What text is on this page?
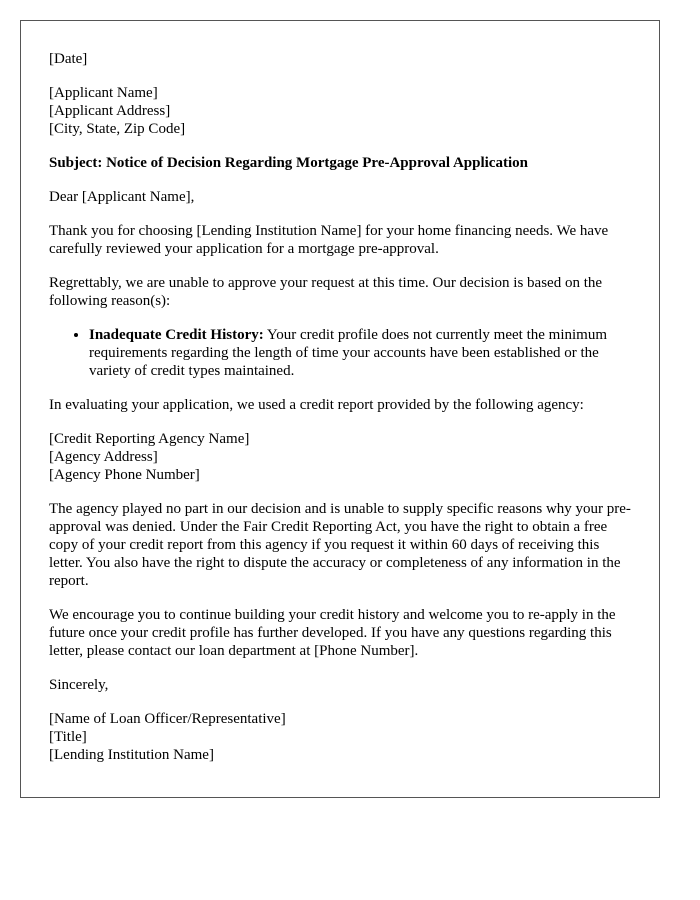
[Date]
[Applicant Name]
[Applicant Address]
[City, State, Zip Code]

Subject: Notice of Decision Regarding Mortgage Pre-Approval Application

Dear [Applicant Name],

Thank you for choosing [Lending Institution Name] for your home financing needs. We have carefully reviewed your application for a mortgage pre-approval.

Regrettably, we are unable to approve your request at this time. Our decision is based on the following reason(s):

• Inadequate Credit History: Your credit profile does not currently meet the minimum requirements regarding the length of time your accounts have been established or the variety of credit types maintained.

In evaluating your application, we used a credit report provided by the following agency:

[Credit Reporting Agency Name]
[Agency Address]
[Agency Phone Number]

The agency played no part in our decision and is unable to supply specific reasons why your pre-approval was denied. Under the Fair Credit Reporting Act, you have the right to obtain a free copy of your credit report from this agency if you request it within 60 days of receiving this letter. You also have the right to dispute the accuracy or completeness of any information in the report.

We encourage you to continue building your credit history and welcome you to re-apply in the future once your credit profile has further developed. If you have any questions regarding this letter, please contact our loan department at [Phone Number].

Sincerely,

[Name of Loan Officer/Representative]
[Title]
[Lending Institution Name]
